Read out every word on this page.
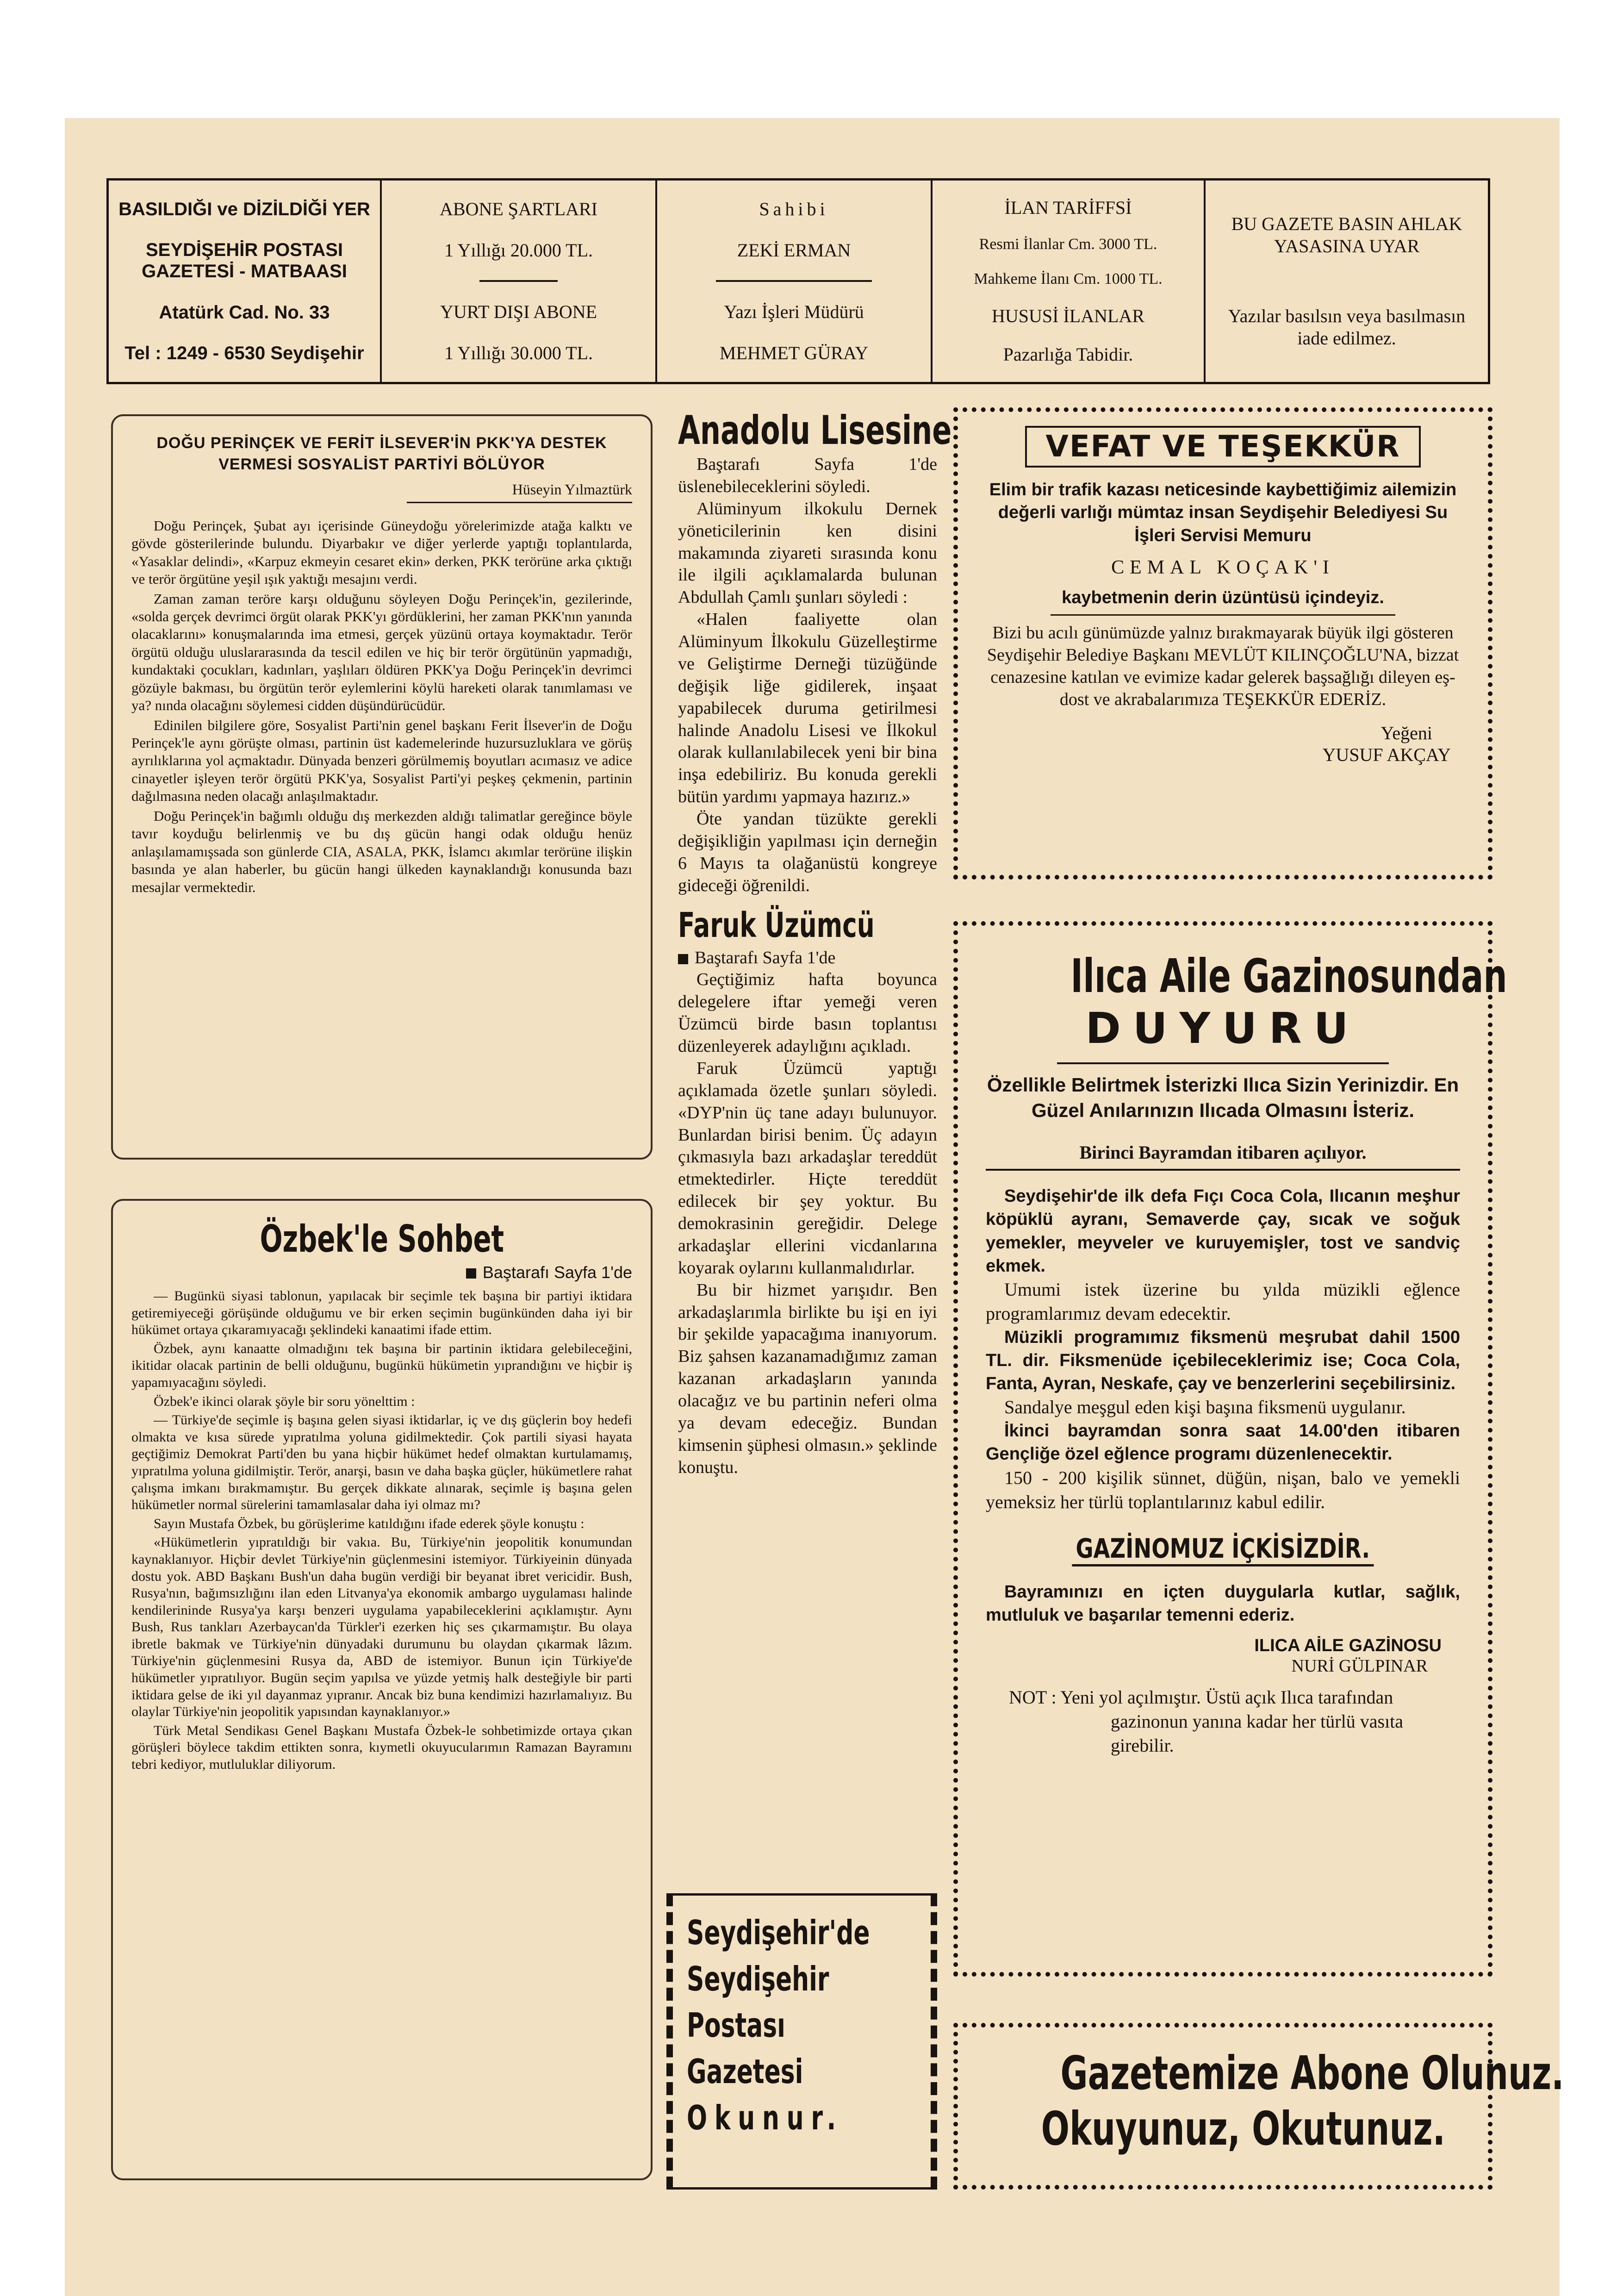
BASILDIĞI ve DİZİLDİĞİ YER
SEYDİŞEHİR POSTASI GAZETESİ - MATBAASI
Atatürk Cad. No. 33
Tel : 1249 - 6530 Seydişehir
ABONE ŞARTLARI
1 Yıllığı 20.000 TL.
YURT DIŞI ABONE
1 Yıllığı 30.000 TL.
Sahibi
ZEKİ ERMAN
Yazı İşleri Müdürü
MEHMET GÜRAY
İLAN TARİFFSİ
Resmi İlanlar Cm. 3000 TL.
Mahkeme İlanı Cm. 1000 TL.
HUSUSİ İLANLAR
Pazarlığa Tabidir.
BU GAZETE BASIN AHLAK YASASINA UYAR
Yazılar basılsın veya basılmasın iade edilmez.
DOĞU PERİNÇEK VE FERİT İLSEVER'İN PKK'YA DESTEK VERMESİ SOSYALİST PARTİYİ BÖLÜYOR
Hüseyin Yılmaztürk

Doğu Perinçek, Şubat ayı içerisinde Güneydoğu yörelerimizde atağa kalktı ve gövde gösterilerinde bulundu. Diyarbakır ve diğer yerlerde yaptığı toplantılarda, «Yasaklar delindi», «Karpuz ekmeyin cesaret ekin» derken, PKK terörüne arka çıktığı ve terör örgütüne yeşil ışık yaktığı mesajını verdi.

Zaman zaman teröre karşı olduğunu söyleyen Doğu Perinçek'in, gezilerinde, «solda gerçek devrimci örgüt olarak PKK'yı gördüklerini, her zaman PKK'nın yanında olacaklarını» konuşmalarında ima etmesi, gerçek yüzünü ortaya koymaktadır. Terör örgütü olduğu uluslararasında da tescil edilen ve hiç bir terör örgütünün yapmadığı, kundaktaki çocukları, kadınları, yaşlıları öldüren PKK'ya Doğu Perinçek'in devrimci gözüyle bakması, bu örgütün terör eylemlerini köylü hareketi olarak tanımlaması ve ya? nında olacağını söylemesi cidden düşündürücüdür.

Edinilen bilgilere göre, Sosyalist Parti'nin genel başkanı Ferit İlsever'in de Doğu Perinçek'le aynı görüşte olması, partinin üst kademelerinde huzursuzluklara ve görüş ayrılıklarına yol açmaktadır. Dünyada benzeri görülmemiş boyutları acımasız ve adice cinayetler işleyen terör örgütü PKK'ya, Sosyalist Parti'yi peşkeş çekmenin, partinin dağılmasına neden olacağı anlaşılmaktadır.

Doğu Perinçek'in bağımlı olduğu dış merkezden aldığı talimatlar gereğince böyle tavır koyduğu belirlenmiş ve bu dış gücün hangi odak olduğu henüz anlaşılamamışsada son günlerde CIA, ASALA, PKK, İslamcı akımlar terörüne ilişkin basında ye alan haberler, bu gücün hangi ülkeden kaynaklandığı konusunda bazı mesajlar vermektedir.

Özbek'le Sohbet
Baştarafı Sayfa 1'de

— Bugünkü siyasi tablonun, yapılacak bir seçimle tek başına bir partiyi iktidara getiremiyeceği görüşünde olduğumu ve bir erken seçimin bugünkünden daha iyi bir hükümet ortaya çıkaramıyacağı şeklindeki kanaatimi ifade ettim.

Özbek, aynı kanaatte olmadığını tek başına bir partinin iktidara gelebileceğini, ikitidar olacak partinin de belli olduğunu, bugünkü hükümetin yıprandığını ve hiçbir iş yapamıyacağını söyledi.

Özbek'e ikinci olarak şöyle bir soru yönelttim :

— Türkiye'de seçimle iş başına gelen siyasi iktidarlar, iç ve dış güçlerin boy hedefi olmakta ve kısa sürede yıpratılma yoluna gidilmektedir. Çok partili siyasi hayata geçtiğimiz Demokrat Parti'den bu yana hiçbir hükümet hedef olmaktan kurtulamamış, yıpratılma yoluna gidilmiştir. Terör, anarşi, basın ve daha başka güçler, hükümetlere rahat çalışma imkanı bırakmamıştır. Bu gerçek dikkate alınarak, seçimle iş başına gelen hükümetler normal sürelerini tamamlasalar daha iyi olmaz mı?

Sayın Mustafa Özbek, bu görüşlerime katıldığını ifade ederek şöyle konuştu :

«Hükümetlerin yıpratıldığı bir vakıa. Bu, Türkiye'nin jeopolitik konumundan kaynaklanıyor. Hiçbir devlet Türkiye'nin güçlenmesini istemiyor. Türkiyeinin dünyada dostu yok. ABD Başkanı Bush'un daha bugün verdiği bir beyanat ibret vericidir. Bush, Rusya'nın, bağımsızlığını ilan eden Litvanya'ya ekonomik ambargo uygulaması halinde kendilerininde Rusya'ya karşı benzeri uygulama yapabileceklerini açıklamıştır. Aynı Bush, Rus tankları Azerbaycan'da Türkler'i ezerken hiç ses çıkarmamıştır. Bu olaya ibretle bakmak ve Türkiye'nin dünyadaki durumunu bu olaydan çıkarmak lâzım. Türkiye'nin güçlenmesini Rusya da, ABD de istemiyor. Bunun için Türkiye'de hükümetler yıpratılıyor. Bugün seçim yapılsa ve yüzde yetmiş halk desteğiyle bir parti iktidara gelse de iki yıl dayanmaz yıpranır. Ancak biz buna kendimizi hazırlamalıyız. Bu olaylar Türkiye'nin jeopolitik yapısından kaynaklanıyor.»

Türk Metal Sendikası Genel Başkanı Mustafa Özbek-le sohbetimizde ortaya çıkan görüşleri böylece takdim ettikten sonra, kıymetli okuyucularımın Ramazan Bayramını tebri kediyor, mutluluklar diliyorum.

Anadolu Lisesine

Baştarafı Sayfa 1'de üslenebileceklerini söyledi.

Alüminyum ilkokulu Dernek yöneticilerinin ken disini makamında ziyareti sırasında konu ile ilgili açıklamalarda bulunan Abdullah Çamlı şunları söyledi :

«Halen faaliyette olan Alüminyum İlkokulu Güzelleştirme ve Geliştirme Derneği tüzüğünde değişik liğe gidilerek, inşaat yapabilecek duruma getirilmesi halinde Anadolu Lisesi ve İlkokul olarak kullanılabilecek yeni bir bina inşa edebiliriz. Bu konuda gerekli bütün yardımı yapmaya hazırız.»

Öte yandan tüzükte gerekli değişikliğin yapılması için derneğin 6 Mayıs ta olağanüstü kongreye gideceği öğrenildi.

Faruk Üzümcü

Baştarafı Sayfa 1'de

Geçtiğimiz hafta boyunca delegelere iftar yemeği veren Üzümcü birde basın toplantısı düzenleyerek adaylığını açıkladı.

Faruk Üzümcü yaptığı açıklamada özetle şunları söyledi. «DYP'nin üç tane adayı bulunuyor. Bunlardan birisi benim. Üç adayın çıkmasıyla bazı arkadaşlar tereddüt etmektedirler. Hiçte tereddüt edilecek bir şey yoktur. Bu demokrasinin gereğidir. Delege arkadaşlar ellerini vicdanlarına koyarak oylarını kullanmalıdırlar.

Bu bir hizmet yarışıdır. Ben arkadaşlarımla birlikte bu işi en iyi bir şekilde yapacağıma inanıyorum. Biz şahsen kazanamadığımız zaman kazanan arkadaşların yanında olacağız ve bu partinin neferi olma ya devam edeceğiz. Bundan kimsenin şüphesi olmasın.» şeklinde konuştu.

Seydişehir'de
Seydişehir
Postası
Gazetesi
Okunur.
VEFAT VE TEŞEKKÜR
Elim bir trafik kazası neticesinde kaybettiğimiz ailemizin değerli varlığı mümtaz insan Seydişehir Belediyesi Su İşleri Servisi Memuru
CEMAL KOÇAK'I
kaybetmenin derin üzüntüsü içindeyiz.
Bizi bu acılı günümüzde yalnız bırakmayarak büyük ilgi gösteren Seydişehir Belediye Başkanı MEVLÜT KILINÇOĞLU'NA, bizzat cenazesine katılan ve evimize kadar gelerek başsağlığı dileyen eş- dost ve akrabalarımıza TEŞEKKÜR EDERİZ.
Yeğeni
YUSUF AKÇAY
Ilıca Aile Gazinosundan
DUYURU

Özellikle Belirtmek İsterizki Ilıca Sizin Yerinizdir. En Güzel Anılarınızın Ilıcada Olmasını İsteriz.

Birinci Bayramdan itibaren açılıyor.

Seydişehir'de ilk defa Fıçı Coca Cola, Ilıcanın meşhur köpüklü ayranı, Semaverde çay, sıcak ve soğuk yemekler, meyveler ve kuruyemişler, tost ve sandviç ekmek.

Umumi istek üzerine bu yılda müzikli eğlence programlarımız devam edecektir.

Müzikli programımız fiksmenü meşrubat dahil 1500 TL. dir. Fiksmenüde içebileceklerimiz ise; Coca Cola, Fanta, Ayran, Neskafe, çay ve benzerlerini seçebilirsiniz.

Sandalye meşgul eden kişi başına fiksmenü uygulanır.

İkinci bayramdan sonra saat 14.00'den itibaren Gençliğe özel eğlence programı düzenlenecektir.

150 - 200 kişilik sünnet, düğün, nişan, balo ve yemekli yemeksiz her türlü toplantılarınız kabul edilir.

GAZİNOMUZ İÇKİSİZDİR.

Bayramınızı en içten duygularla kutlar, sağlık, mutluluk ve başarılar temenni ederiz.

ILICA AİLE GAZİNOSU

NURİ GÜLPINAR

NOT : Yeni yol açılmıştır. Üstü açık Ilıca tarafından gazinonun yanına kadar her türlü vasıta girebilir.

Gazetemize Abone Olunuz.
Okuyunuz, Okutunuz.
